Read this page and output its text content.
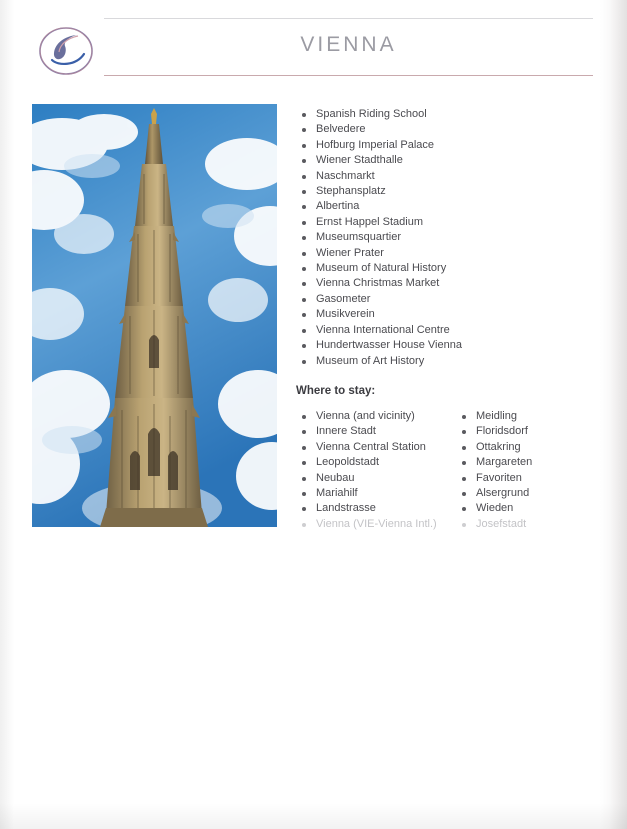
VIENNA
Spanish Riding School
Belvedere
Hofburg Imperial Palace
Wiener Stadthalle
Naschmarkt
Stephansplatz
Albertina
Ernst Happel Stadium
Museumsquartier
Wiener Prater
Museum of Natural History
Vienna Christmas Market
Gasometer
Musikverein
Vienna International Centre
Hundertwasser House Vienna
Museum of Art History
Where to stay:
Vienna (and vicinity)
Innere Stadt
Vienna Central Station
Leopoldstadt
Neubau
Mariahilf
Landstrasse
Vienna (VIE-Vienna Intl.)
Meidling
Floridsdorf
Ottakring
Margareten
Favoriten
Alsergrund
Wieden
Josefstadt
